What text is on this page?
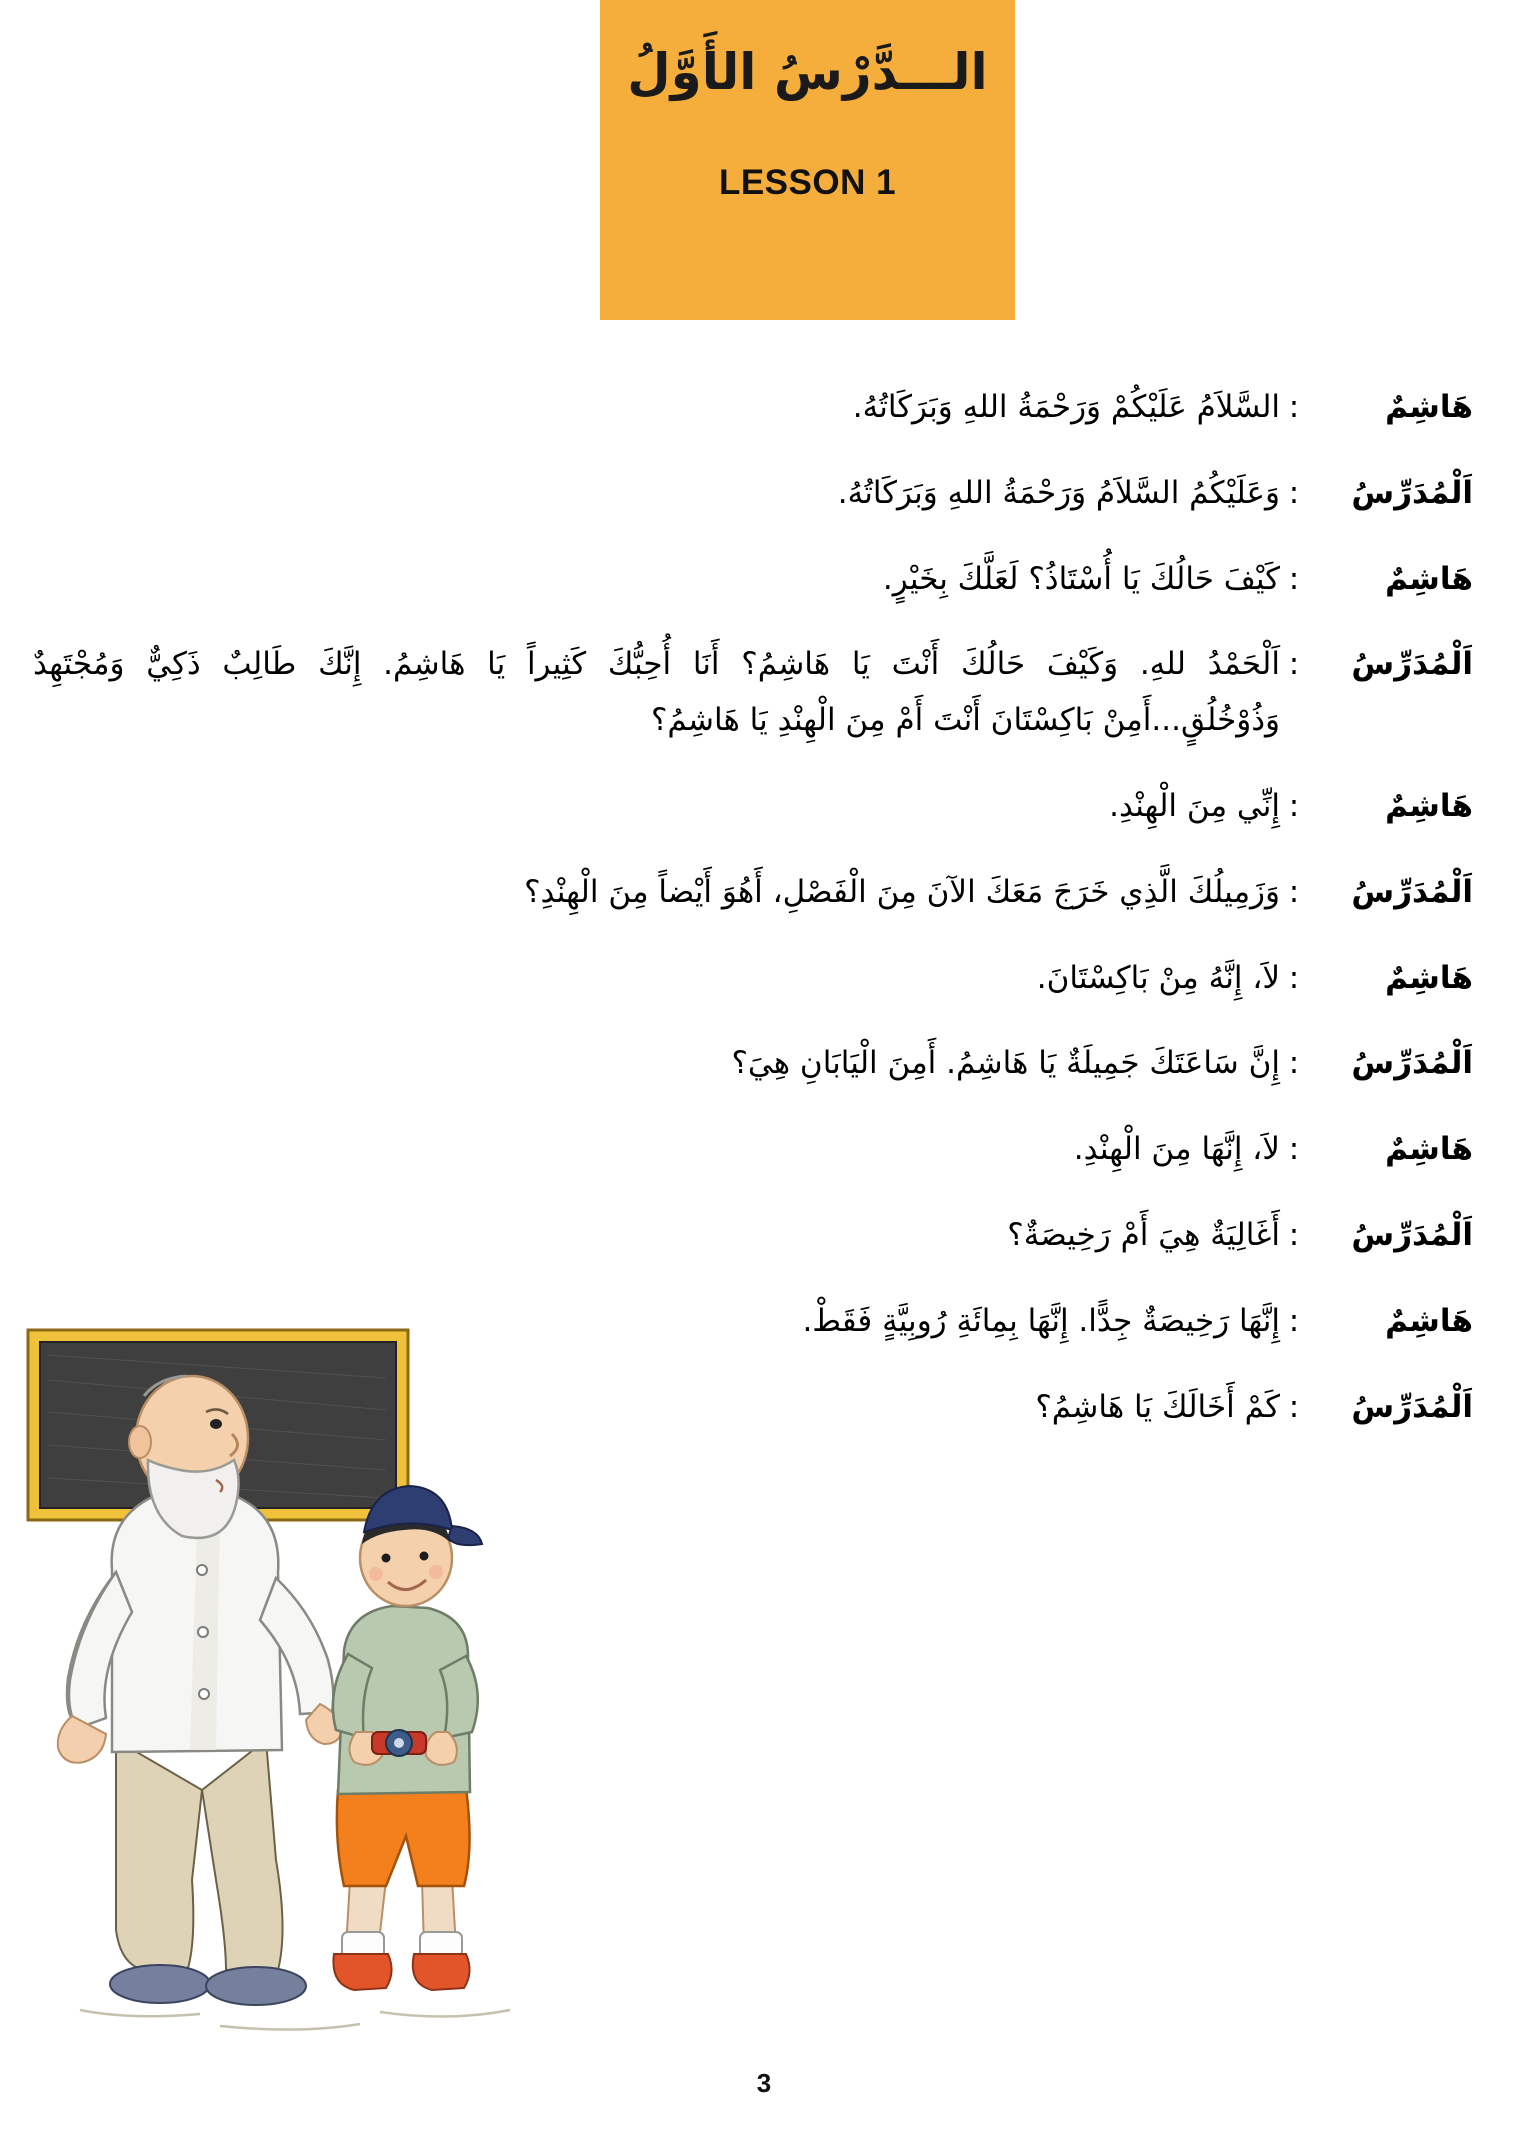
الـــدَّرْسُ الأَوَّلُ
LESSON 1
هَاشِمٌ
:
السَّلاَمُ عَلَيْكُمْ وَرَحْمَةُ اللهِ وَبَرَكَاتُهُ.
اَلْمُدَرِّسُ
:
وَعَلَيْكُمُ السَّلاَمُ وَرَحْمَةُ اللهِ وَبَرَكَاتُهُ.
هَاشِمٌ
:
كَيْفَ حَالُكَ يَا أُسْتَاذُ؟ لَعَلَّكَ بِخَيْرٍ.
اَلْمُدَرِّسُ
:
اَلْحَمْدُ للهِ. وَكَيْفَ حَالُكَ أَنْتَ يَا هَاشِمُ؟ أَنَا أُحِبُّكَ كَثِيراً يَا هَاشِمُ. إِنَّكَ طَالِبٌ ذَكِيٌّ وَمُجْتَهِدٌ وَذُوْخُلُقٍ...أَمِنْ بَاكِسْتَانَ أَنْتَ أَمْ مِنَ الْهِنْدِ يَا هَاشِمُ؟
هَاشِمٌ
:
إِنِّي مِنَ الْهِنْدِ.
اَلْمُدَرِّسُ
:
وَزَمِيلُكَ الَّذِي خَرَجَ مَعَكَ الآنَ مِنَ الْفَصْلِ، أَهُوَ أَيْضاً مِنَ الْهِنْدِ؟
هَاشِمٌ
:
لاَ، إِنَّهُ مِنْ بَاكِسْتَانَ.
اَلْمُدَرِّسُ
:
إِنَّ سَاعَتَكَ جَمِيلَةٌ يَا هَاشِمُ. أَمِنَ الْيَابَانِ هِيَ؟
هَاشِمٌ
:
لاَ، إِنَّهَا مِنَ الْهِنْدِ.
اَلْمُدَرِّسُ
:
أَغَالِيَةٌ هِيَ أَمْ رَخِيصَةٌ؟
هَاشِمٌ
:
إِنَّهَا رَخِيصَةٌ جِدًّا. إِنَّهَا بِمِائَةِ رُوبِيَّةٍ فَقَطْ.
اَلْمُدَرِّسُ
:
كَمْ أَخَالَكَ يَا هَاشِمُ؟
3
